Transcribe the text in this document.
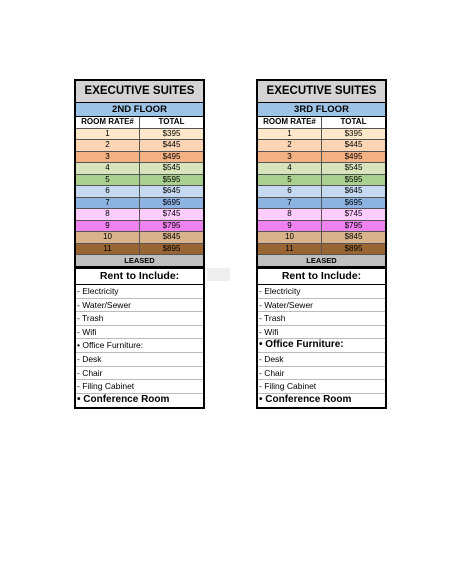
EXECUTIVE SUITES
2ND FLOOR
ROOM RATE#	TOTAL
1	$395
2	$445
3	$495
4	$545
5	$595
6	$645
7	$695
8	$745
9	$795
10	$845
11	$895
LEASED
EXECUTIVE SUITES
3RD FLOOR
ROOM RATE#	TOTAL
1	$395
2	$445
3	$495
4	$545
5	$595
6	$645
7	$695
8	$745
9	$795
10	$845
11	$895
LEASED
Rent to Include:
- Electricity
- Water/Sewer
- Trash
- Wifi
• Office Furniture:
- Desk
- Chair
- Filing Cabinet
• Conference Room
Rent to Include:
- Electricity
- Water/Sewer
- Trash
- Wifi
• Office Furniture:
- Desk
- Chair
- Filing Cabinet
• Conference Room
